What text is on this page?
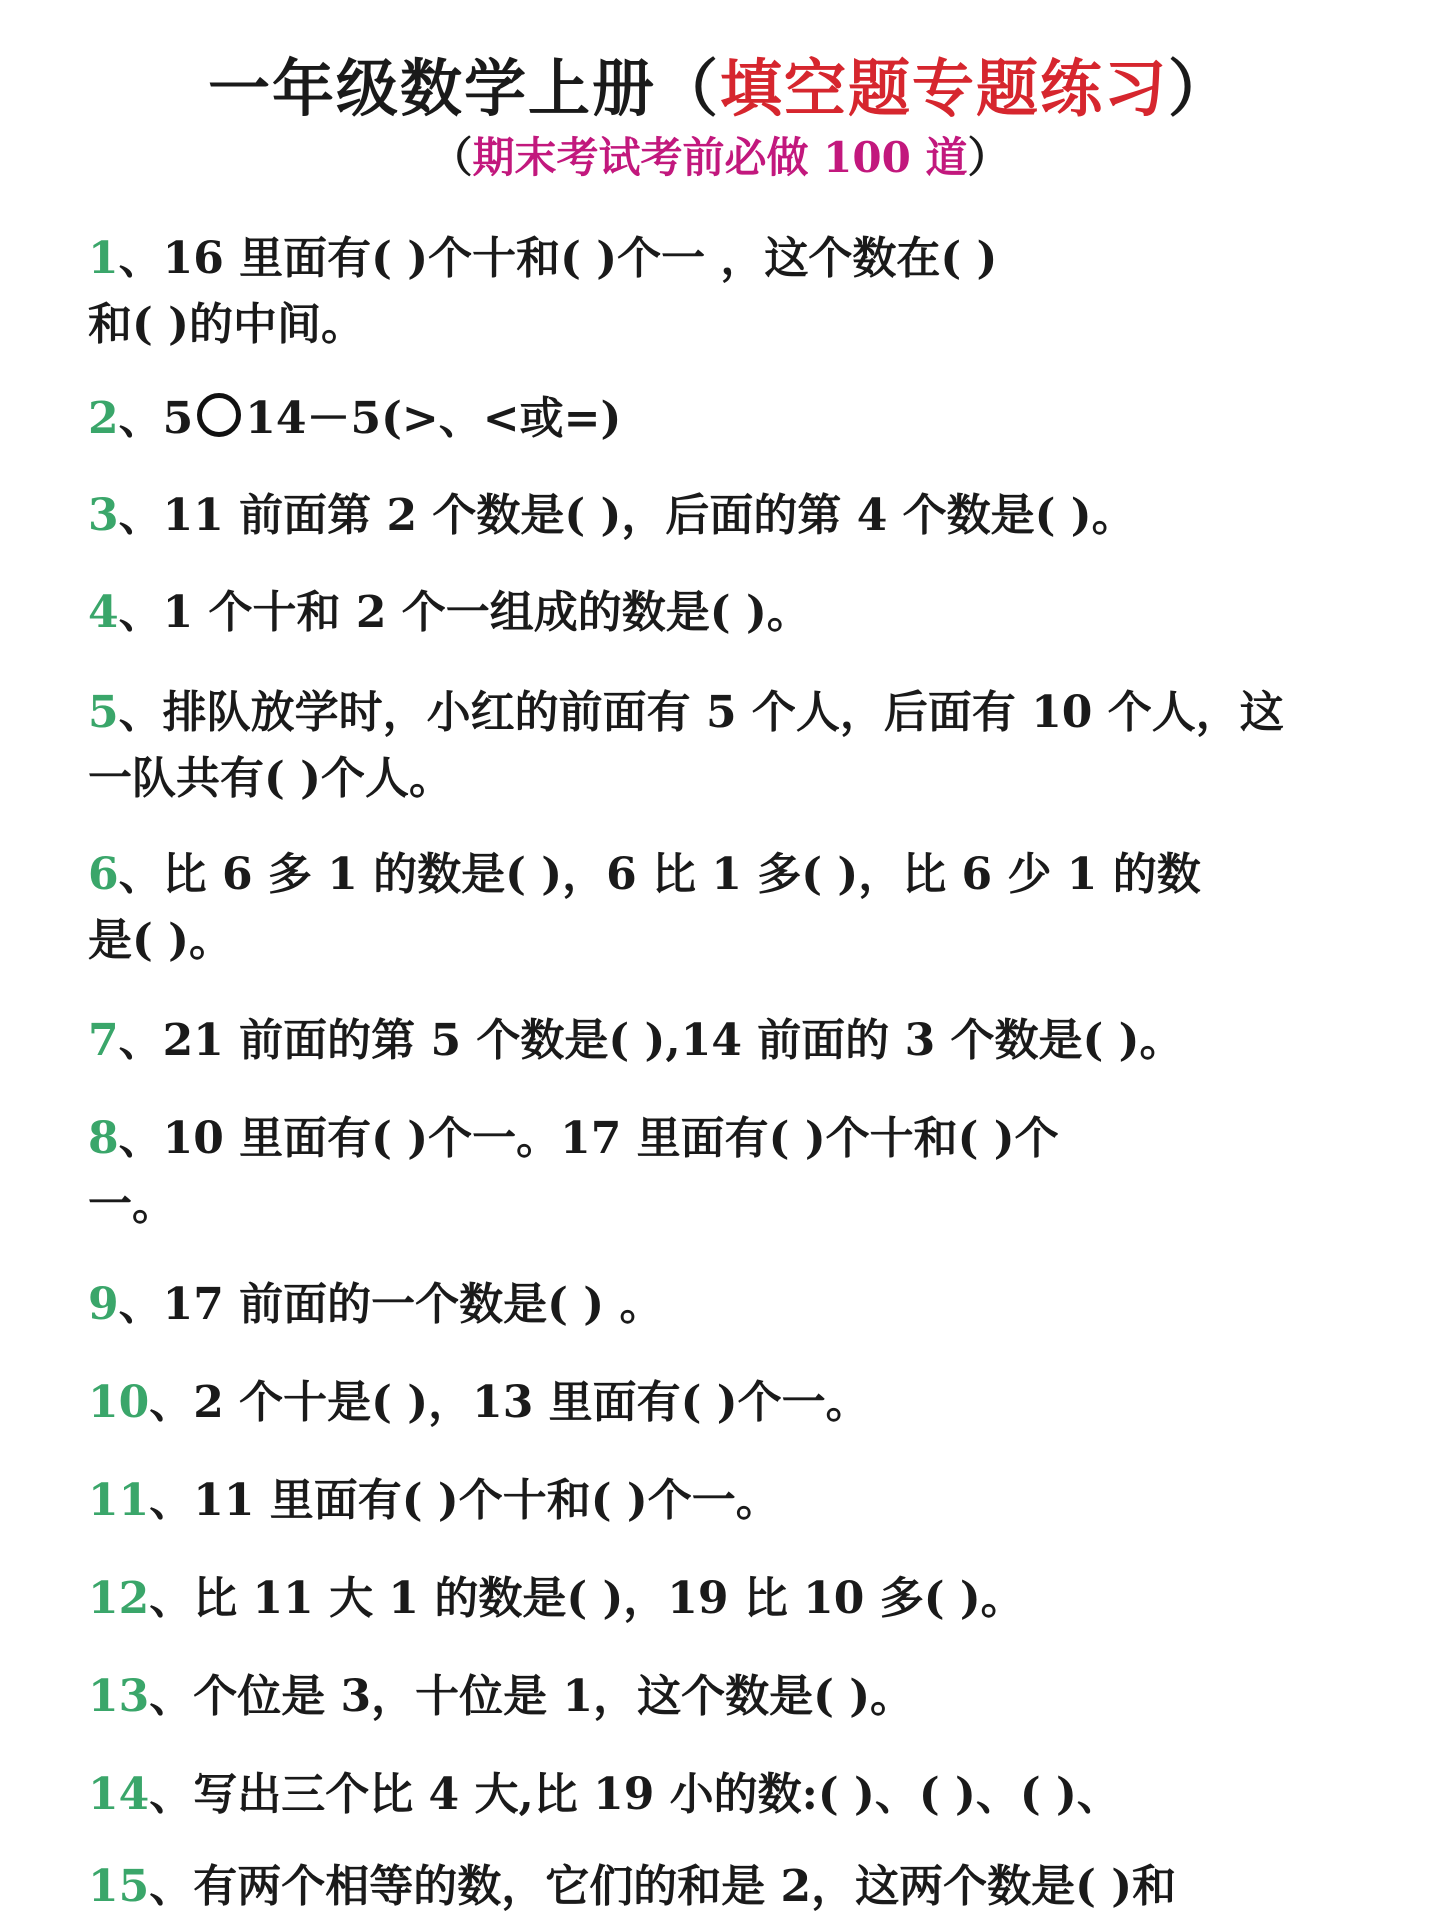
一年级数学上册（填空题专题练习）
（期末考试考前必做 100 道）
1、16 里面有( )个十和( )个一 ，这个数在( )
和( )的中间。
2、5 14－5(>、<或=)
3、11 前面第 2 个数是( )，后面的第 4 个数是( )。
4、1 个十和 2 个一组成的数是( )。
5、排队放学时，小红的前面有 5 个人，后面有 10 个人，这
一队共有( )个人。
6、比 6 多 1 的数是( )，6 比 1 多( )，比 6 少 1 的数
是( )。
7、21 前面的第 5 个数是( ),14 前面的 3 个数是( )。
8、10 里面有( )个一。17 里面有( )个十和( )个
一。
9、17 前面的一个数是( ) 。
10、2 个十是( )，13 里面有( )个一。
11、11 里面有( )个十和( )个一。
12、比 11 大 1 的数是( )，19 比 10 多( )。
13、个位是 3，十位是 1，这个数是( )。
14、写出三个比 4 大,比 19 小的数:( )、( )、( )、
15、有两个相等的数，它们的和是 2，这两个数是( )和
